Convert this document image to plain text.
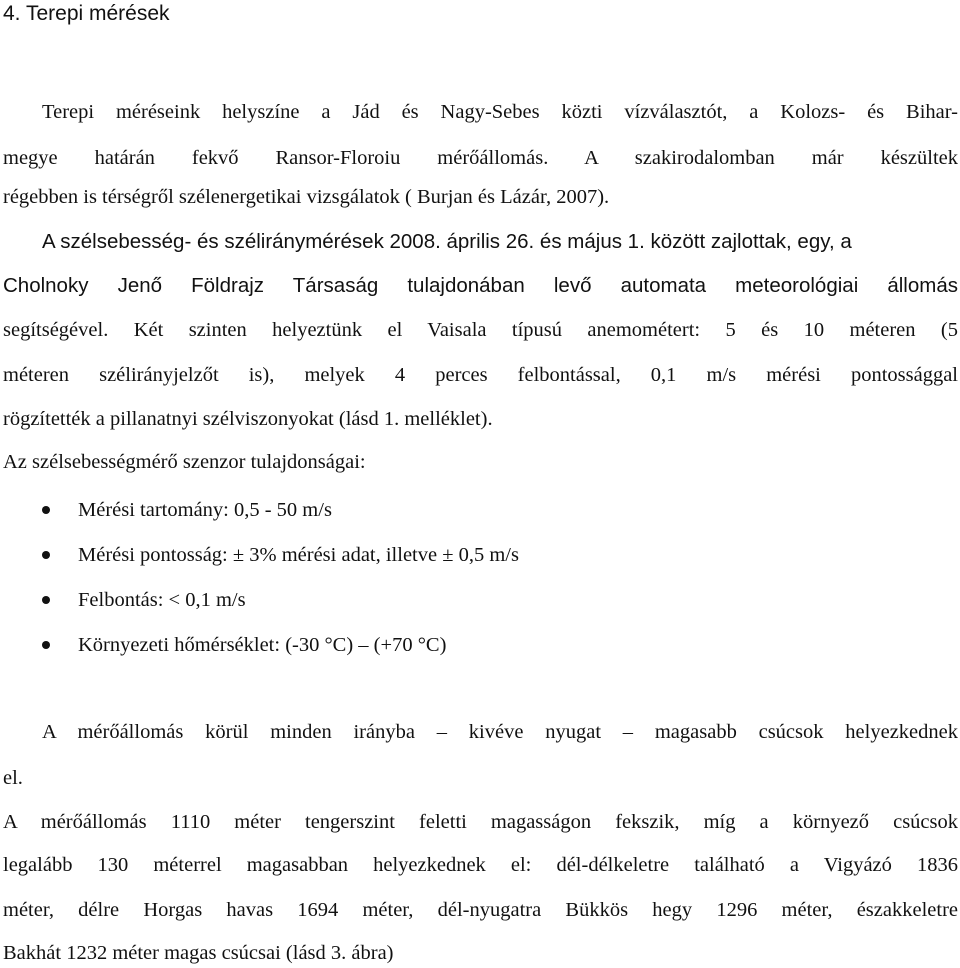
4. Terepi mérések

Terepi méréseink helyszíne a Jád és Nagy-Sebes közti vízválasztót, a Kolozs- és Bihar-

megye határán fekvő Ransor-Floroiu mérőállomás. A szakirodalomban már készültek

régebben is térségről szélenergetikai vizsgálatok ( Burjan és Lázár, 2007).

A szélsebesség- és széliránymérések 2008. április 26. és május 1. között zajlottak, egy, a

Cholnoky Jenő Földrajz Társaság tulajdonában levő automata meteorológiai állomás

segítségével. Két szinten helyeztünk el Vaisala típusú anemométert: 5 és 10 méteren (5

méteren szélirányjelzőt is), melyek 4 perces felbontással, 0,1 m/s mérési pontossággal

rögzítették a pillanatnyi szélviszonyokat (lásd 1. melléklet).

Az szélsebességmérő szenzor tulajdonságai:

Mérési tartomány: 0,5 - 50 m/s
Mérési pontosság: ± 3% mérési adat, illetve ± 0,5 m/s
Felbontás: < 0,1 m/s
Környezeti hőmérséklet: (-30 °C) – (+70 °C)

A mérőállomás körül minden irányba – kivéve nyugat – magasabb csúcsok helyezkednek

el.

A mérőállomás 1110 méter tengerszint feletti magasságon fekszik, míg a környező csúcsok

legalább 130 méterrel magasabban helyezkednek el: dél-délkeletre található a Vigyázó 1836

méter, délre Horgas havas 1694 méter, dél-nyugatra Bükkös hegy 1296 méter, északkeletre

Bakhát 1232 méter magas csúcsai (lásd 3. ábra)
